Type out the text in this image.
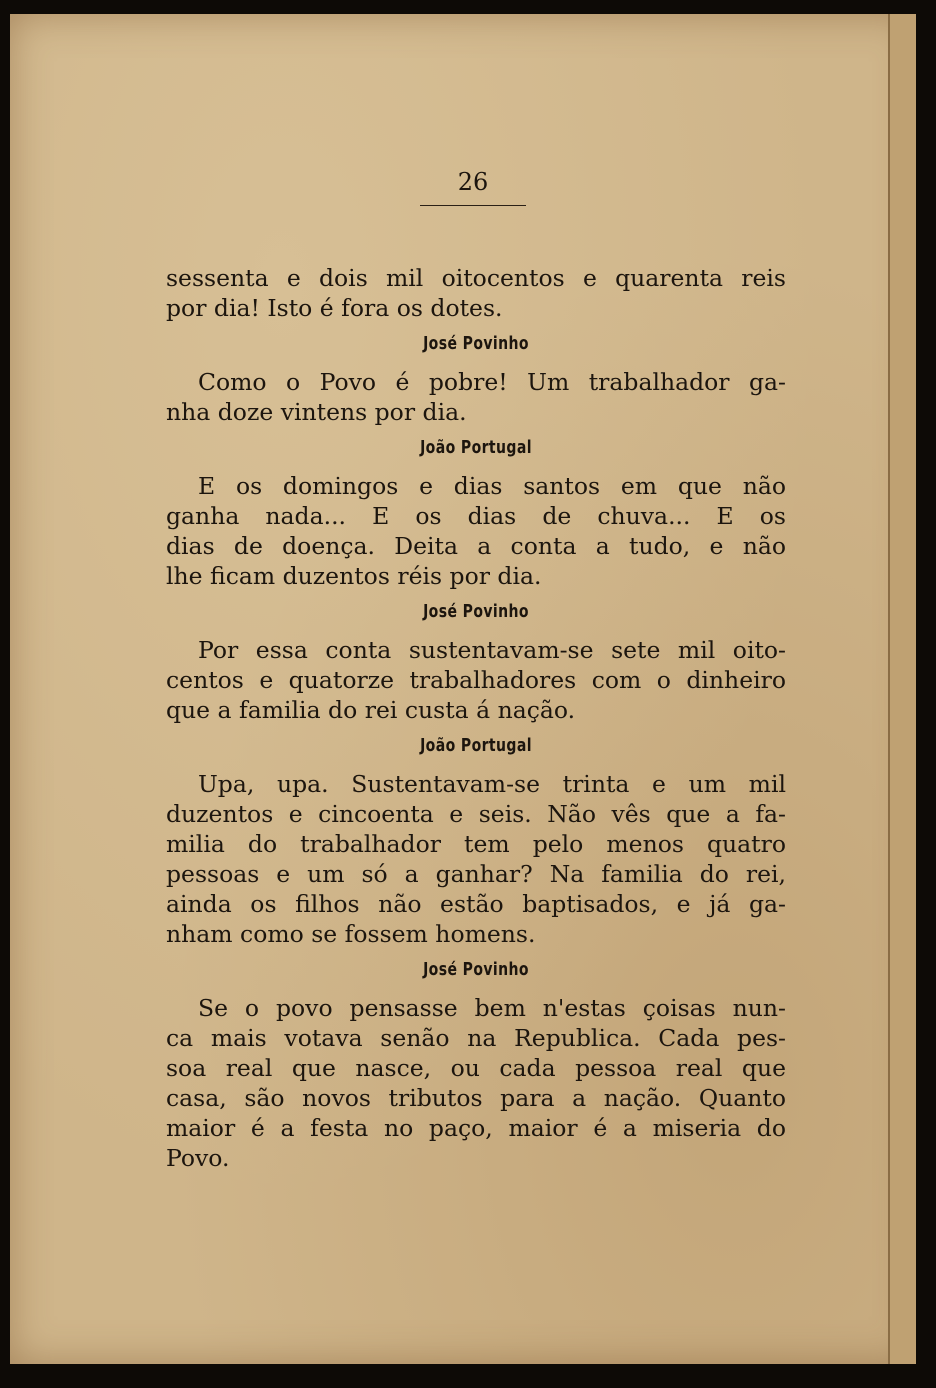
26
sessenta e dois mil oitocentos e quarenta reis
por dia! Isto é fora os dotes.
José Povinho
Como o Povo é pobre! Um trabalhador ga-
nha doze vintens por dia.
João Portugal
E os domingos e dias santos em que não
ganha nada... E os dias de chuva... E os
dias de doença. Deita a conta a tudo, e não
lhe ficam duzentos réis por dia.
José Povinho
Por essa conta sustentavam-se sete mil oito-
centos e quatorze trabalhadores com o dinheiro
que a familia do rei custa á nação.
João Portugal
Upa, upa. Sustentavam-se trinta e um mil
duzentos e cincoenta e seis. Não vês que a fa-
milia do trabalhador tem pelo menos quatro
pessoas e um só a ganhar? Na familia do rei,
ainda os filhos não estão baptisados, e já ga-
nham como se fossem homens.
José Povinho
Se o povo pensasse bem n'estas çoisas nun-
ca mais votava senão na Republica. Cada pes-
soa real que nasce, ou cada pessoa real que
casa, são novos tributos para a nação. Quanto
maior é a festa no paço, maior é a miseria do
Povo.
